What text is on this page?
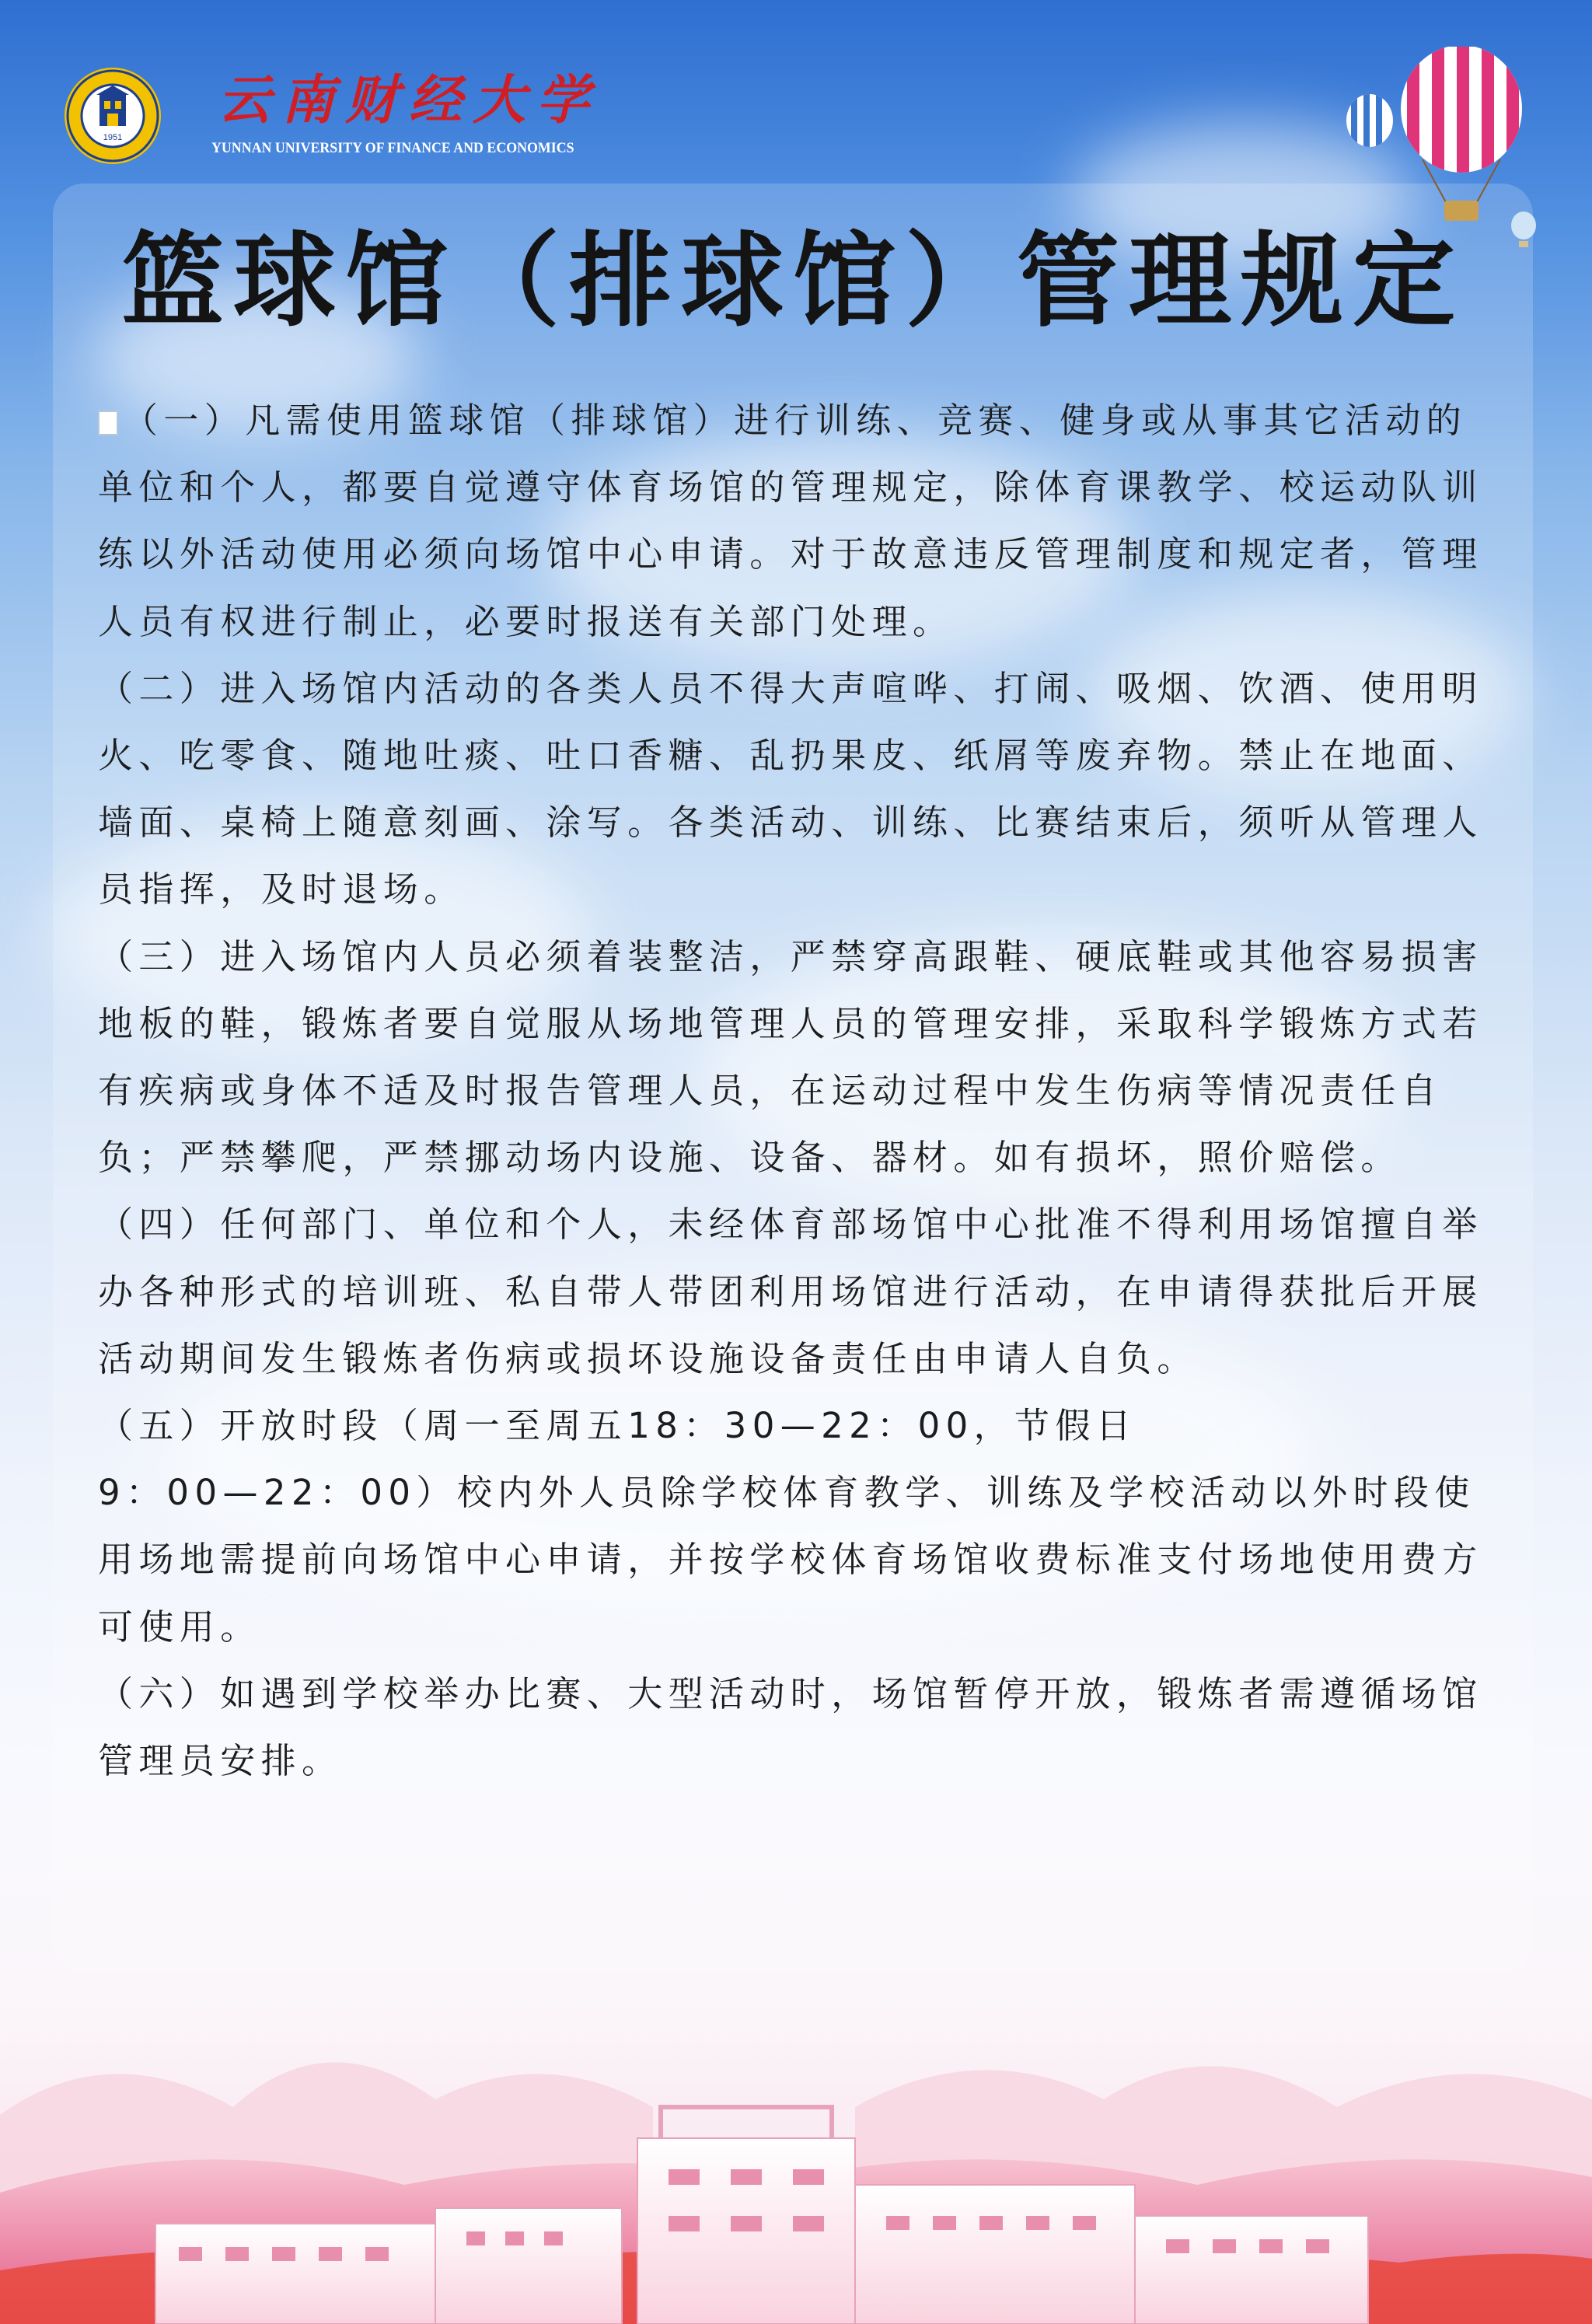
1951
云南财经大学
YUNNAN UNIVERSITY OF FINANCE AND ECONOMICS
篮球馆（排球馆）管理规定

（一）凡需使用篮球馆（排球馆）进行训练、竞赛、健身或从事其它活动的单位和个人，都要自觉遵守体育场馆的管理规定，除体育课教学、校运动队训练以外活动使用必须向场馆中心申请。对于故意违反管理制度和规定者，管理人员有权进行制止，必要时报送有关部门处理。

（二）进入场馆内活动的各类人员不得大声喧哗、打闹、吸烟、饮酒、使用明火、吃零食、随地吐痰、吐口香糖、乱扔果皮、纸屑等废弃物。禁止在地面、墙面、桌椅上随意刻画、涂写。各类活动、训练、比赛结束后，须听从管理人员指挥，及时退场。

（三）进入场馆内人员必须着装整洁，严禁穿高跟鞋、硬底鞋或其他容易损害地板的鞋，锻炼者要自觉服从场地管理人员的管理安排，采取科学锻炼方式若有疾病或身体不适及时报告管理人员，在运动过程中发生伤病等情况责任自负；严禁攀爬，严禁挪动场内设施、设备、器材。如有损坏，照价赔偿。

（四）任何部门、单位和个人，未经体育部场馆中心批准不得利用场馆擅自举办各种形式的培训班、私自带人带团利用场馆进行活动，在申请得获批后开展活动期间发生锻炼者伤病或损坏设施设备责任由申请人自负。

（五）开放时段（周一至周五18：30—22：00，节假日
9：00—22：00）校内外人员除学校体育教学、训练及学校活动以外时段使用场地需提前向场馆中心申请，并按学校体育场馆收费标准支付场地使用费方可使用。

（六）如遇到学校举办比赛、大型活动时，场馆暂停开放，锻炼者需遵循场馆管理员安排。
